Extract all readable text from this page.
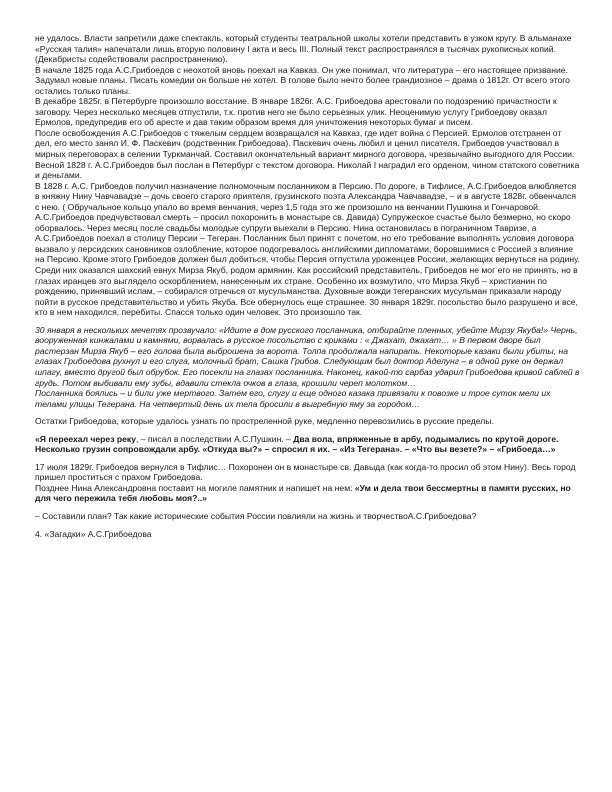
не удалось. Власти запретили даже спектакль, который студенты театральной школы хотели представить в узком кругу. В альманахе «Русская талия» напечатали лишь вторую половину I акта и весь III. Полный текст распространялся в тысячах рукописных копий. (Декабристы содействовали распространению).

В начале 1825 года А.С.Грибоедов с неохотой вновь поехал на Кавказ. Он уже понимал, что литература – его настоящее призвание. Задумал новые планы. Писать комедии он больше не хотел. В голове было нечто более грандиозное – драма о 1812г. От всего этого остались только планы.

В декабре 1825г. в Петербурге произошло восстание. В январе 1826г. А.С. Грибоедова арестовали по подозрению причастности к заговору. Через несколько месяцев отпустили, т.к. против него не было серьезных улик. Неоценимую услугу Грибоедову оказал Ермолов, предупредив его об аресте и дав таким образом время для уничтожения некоторых бумаг и писем.

После освобождения А.С.Грибоедов с тяжелым сердцем возвращался на Кавказ, где идет война с Персией. Ермолов отстранен от дел, его место занял И. Ф. Паскевич (родственник Грибоедова). Паскевич очень любил и ценил писателя. Грибоедов участвовал в мирных переговорах в селении Туркманчай. Составил окончательный вариант мирного договора, чрезвычайно выгодного для России.

Весной 1828 г. А.С.Грибоедов был послан в Петербург с текстом договора. Николай I наградил его орденом, чином статского советника и деньгами.

В 1828 г. А.С. Грибоедов получил назначение полномочным посланником в Персию. По дороге, в Тифлисе, А.С.Грибоедов влюбляется в княжну Нину Чавчавадзе – дочь своего старого приятеля, грузинского поэта Александра Чавчавадзе, – и в августе 1828г. обвенчался с нею. ( Обручальное кольцо упало во время венчания, через 1,5 года это же произошло на венчании Пушкина и Гончаровой. А.С.Грибоедов предчувствовал смерть – просил похоронить в монастыре св. Давида) Супружеское счастье было безмерно, но скоро оборвалось. Через месяц после свадьбы молодые супруги выехали в Персию. Нина остановилась в пограничном Тавризе, а А.С.Грибоедов поехал в столицу Персии – Тегеран. Посланник был принят с почетом, но его требование выполнять условия договора вызвало у персидских сановников озлобление, которое подогревалось английскими дипломатами, боровшимися с Россией з влияние на Персию. Кроме этого Грибоедов должен был добиться, чтобы Персия отпустила уроженцев России, желающих вернуться на родину. Среди них оказался шахский евнух Мирза Якуб, родом армянин. Как российский представитель, Грибоедов не мог его не принять, но в глазах иранцев это выглядело оскорблением, нанесенным их стране. Особенно их возмутило, что Мирза Якуб – христианин по рождению, принявший ислам, – собирался отречься от мусульманства. Духовные вожди тегеранских мусульман приказали народу пойти в русское представительство и убить Якуба. Все обернулось еще страшнее. 30 января 1829г. посольство было разрушено и все, кто в нем находился, перебиты. Спасся только один человек. Это произошло так.

30 января в нескольких мечетях прозвучало: «Идите в дом русского посланника, отбирайте пленных, убейте Мирзу Якуба!» Чернь, вооруженная кинжалами и камнями, ворвалась в русское посольство с криками : « Джахат, джахат… » В первом дворе был растерзан Мирза Якуб – его голова была выброшена за ворота. Толпа продолжала напирать. Некоторые казаки были убиты, на глазах Грибоедова рухнул и его слуга, молочный брат, Сашка Грибов. Следующим был доктор Аделунг – в одной руке он держал шпагу, вместо другой был обрубок. Его посекли на глазах посланника. Наконец, какой-то сарбаз ударил Грибоедова кривой саблей в грудь. Потом выбивали ему зубы, вдавили стекла очков в глаза, крошили череп молотком…

Посланника боялись – и били уже мертвого. Затем его, слугу и еще одного казака привязали к повозке и трое суток мели их телами улицы Тегерана. На четвертый день их тела бросили в выгребную яму за городом…

Остатки Грибоедова, которые удалось узнать по простреленной руке, медленно перевозились в русские пределы.

«Я переехал через реку, – писал в последствии А.С.Пушкин. – Два вола, впряженные в арбу, подымались по крутой дороге. Несколько грузин сопровождали арбу. «Откуда вы?» – спросил я их. – «Из Тегерана». – «Что вы везете?» – «Грибоеда…»

17 июля 1829г. Грибоедов вернулся в Тифлис… Похоронен он в монастыре св. Давыда (как когда-то просил об этом Нину). Весь город пришел проститься с прахом Грибоедова.

Позднее Нина Александровна поставит на могиле памятник и напишет на нем: «Ум и дела твои бессмертны в памяти русских, но для чего пережила тебя любовь моя?..»

– Составили план? Так какие исторические события России повлияли на жизнь и творчествоА.С.Грибоедова?

4. «Загадки» А.С.Грибоедова
